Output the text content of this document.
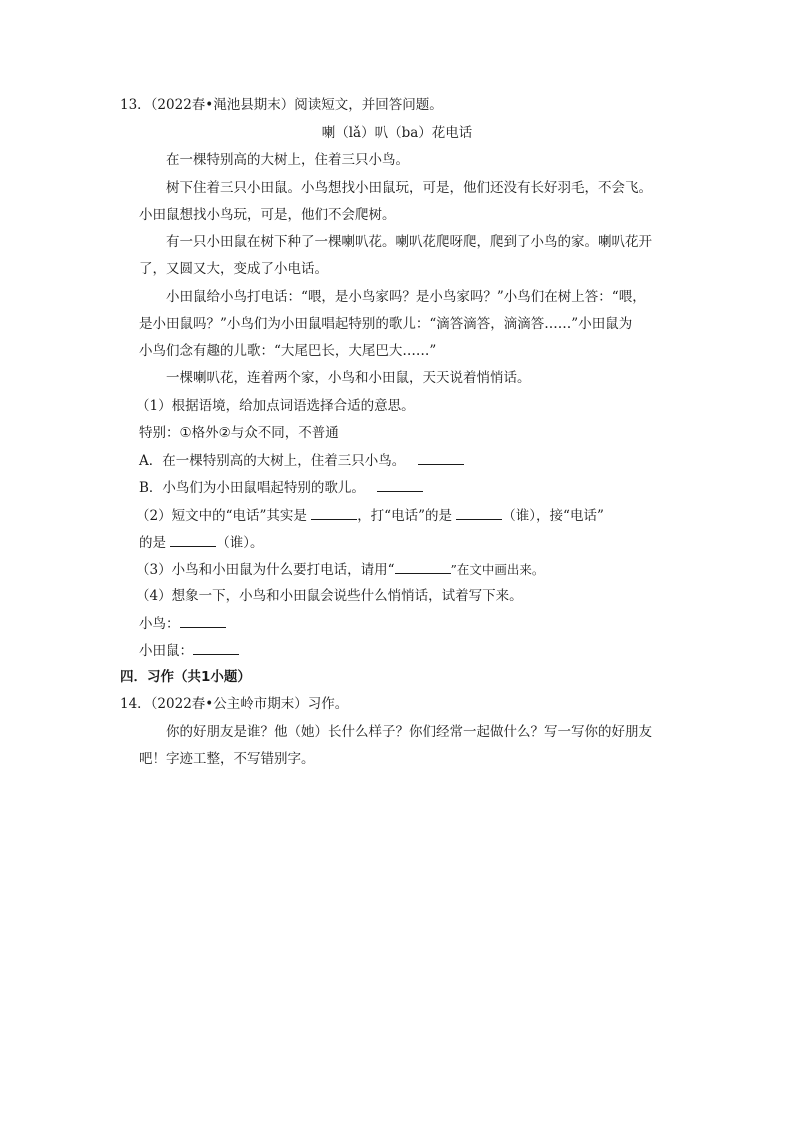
13．（2022春•渑池县期末）阅读短文，并回答问题。
喇（lǎ）叭（ba）花电话
在一棵特别高的大树上，住着三只小鸟。
树下住着三只小田鼠。小鸟想找小田鼠玩，可是，他们还没有长好羽毛，不会飞。
小田鼠想找小鸟玩，可是，他们不会爬树。
有一只小田鼠在树下种了一棵喇叭花。喇叭花爬呀爬，爬到了小鸟的家。喇叭花开
了，又圆又大，变成了小电话。
小田鼠给小鸟打电话：“喂，是小鸟家吗？是小鸟家吗？”小鸟们在树上答：“喂，
是小田鼠吗？”小鸟们为小田鼠唱起特别的歌儿：“滴答滴答，滴滴答……”小田鼠为
小鸟们念有趣的儿歌：“大尾巴长，大尾巴大……”
一棵喇叭花，连着两个家，小鸟和小田鼠，天天说着悄悄话。
（1）根据语境，给加点词语选择合适的意思。
特别：①格外②与众不同，不普通
A．在一棵特别高的大树上，住着三只小鸟。
B．小鸟们为小田鼠唱起特别的歌儿。
（2）短文中的“电话”其实是	，打“电话”的是	（谁），接“电话”
的是	（谁）。
（3）小鸟和小田鼠为什么要打电话，请用“	”在文中画出来。
（4）想象一下，小鸟和小田鼠会说些什么悄悄话，试着写下来。
小鸟：
小田鼠：
四．习作（共1小题）
14．（2022春•公主岭市期末）习作。
你的好朋友是谁？他（她）长什么样子？你们经常一起做什么？写一写你的好朋友
吧！字迹工整，不写错别字。
